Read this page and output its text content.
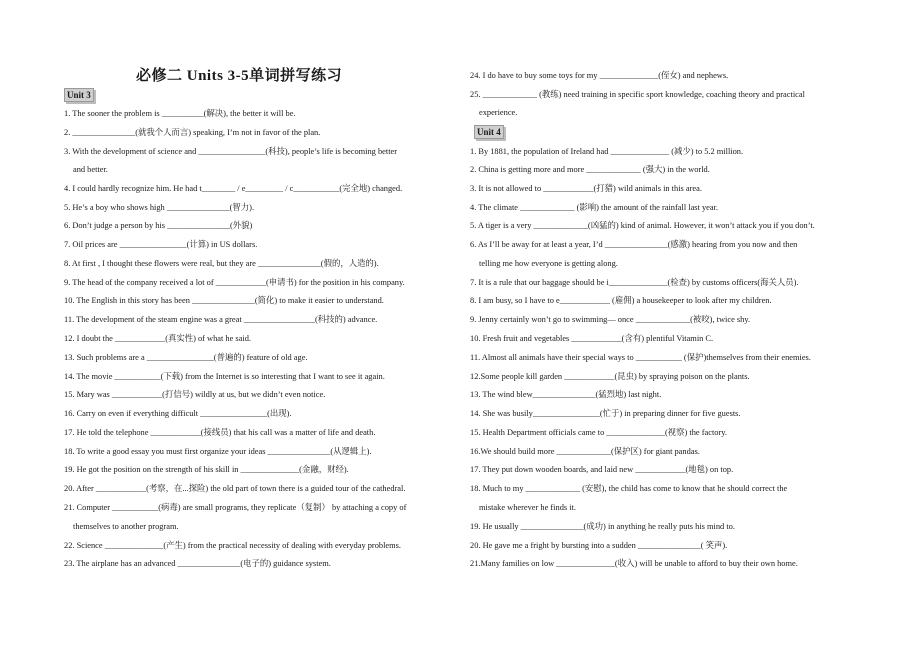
必修二 Units 3-5单词拼写练习
Unit 3
1. The sooner the problem is __________(解决), the better it will be.
2. _______________(就我个人而言) speaking, I’m not in favor of the plan.
3. With the development of science and ________________(科技), people’s life is becoming better
and better.
4. I could hardly recognize him. He had t________ / e_________ / c___________(完全地) changed.
5. He’s a boy who shows high _______________(智力).
6. Don’t judge a person by his _______________(外貌)
7. Oil prices are ________________(计算) in US dollars.
8. At first , I thought these flowers were real, but they are _______________(假的，人造的).
9. The head of the company received a lot of ____________(申请书) for the position in his company.
10. The English in this story has been _______________(简化) to make it easier to understand.
11. The development of the steam engine was a great _________________(科技的) advance.
12. I doubt the ____________(真实性) of what he said.
13. Such problems are a ________________(普遍的) feature of old age.
14. The movie ___________(下载) from the Internet is so interesting that I want to see it again.
15. Mary was ____________(打信号) wildly at us, but we didn’t even notice.
16. Carry on even if everything difficult ________________(出现).
17. He told the telephone ____________(接线员) that his call was a matter of life and death.
18. To write a good essay you must first organize your ideas _______________(从逻辑上).
19. He got the position on the strength of his skill in ______________(金融，财经).
20. After ____________(考察，在...探险) the old part of town there is a guided tour of the cathedral.
21. Computer ___________(病毒) are small programs, they replicate（复制） by attaching a copy of
themselves to another program.
22. Science ______________(产生) from the practical necessity of dealing with everyday problems.
23. The airplane has an advanced _______________(电子的) guidance system.
24. I do have to buy some toys for my ______________(侄女) and nephews.
25. _____________ (教练) need training in specific sport knowledge, coaching theory and practical
experience.
Unit 4
1. By 1881, the population of Ireland had ______________ (减少) to 5.2 million.
2. China is getting more and more _____________ (强大) in the world.
3. It is not allowed to ____________(打猎) wild animals in this area.
4. The climate _____________ (影响) the amount of the rainfall last year.
5. A tiger is a very _____________(凶猛的) kind of animal. However, it won’t attack you if you don’t.
6. As I’ll be away for at least a year, I’d _______________(感激) hearing from you now and then
telling me how everyone is getting along.
7. It is a rule that our baggage should be i______________(检查) by customs officers(海关人员).
8. I am busy, so I have to e____________ (雇佣) a housekeeper to look after my children.
9. Jenny certainly won’t go to swimming— once _____________(被咬), twice shy.
10. Fresh fruit and vegetables ____________(含有) plentiful Vitamin C.
11. Almost all animals have their special ways to ___________ (保护)themselves from their enemies.
12.Some people kill garden ____________(昆虫) by spraying poison on the plants.
13. The wind blew_______________(猛烈地) last night.
14. She was busily________________(忙于) in preparing dinner for five guests.
15. Health Department officials came to ______________(视察) the factory.
16.We should build more _____________(保护区) for giant pandas.
17. They put down wooden boards, and laid new ____________(地毯) on top.
18. Much to my _____________ (安慰), the child has come to know that he should correct the
mistake wherever he finds it.
19. He usually _______________(成功) in anything he really puts his mind to.
20. He gave me a fright by bursting into a sudden _______________( 笑声).
21.Many families on low ______________(收入) will be unable to afford to buy their own home.
